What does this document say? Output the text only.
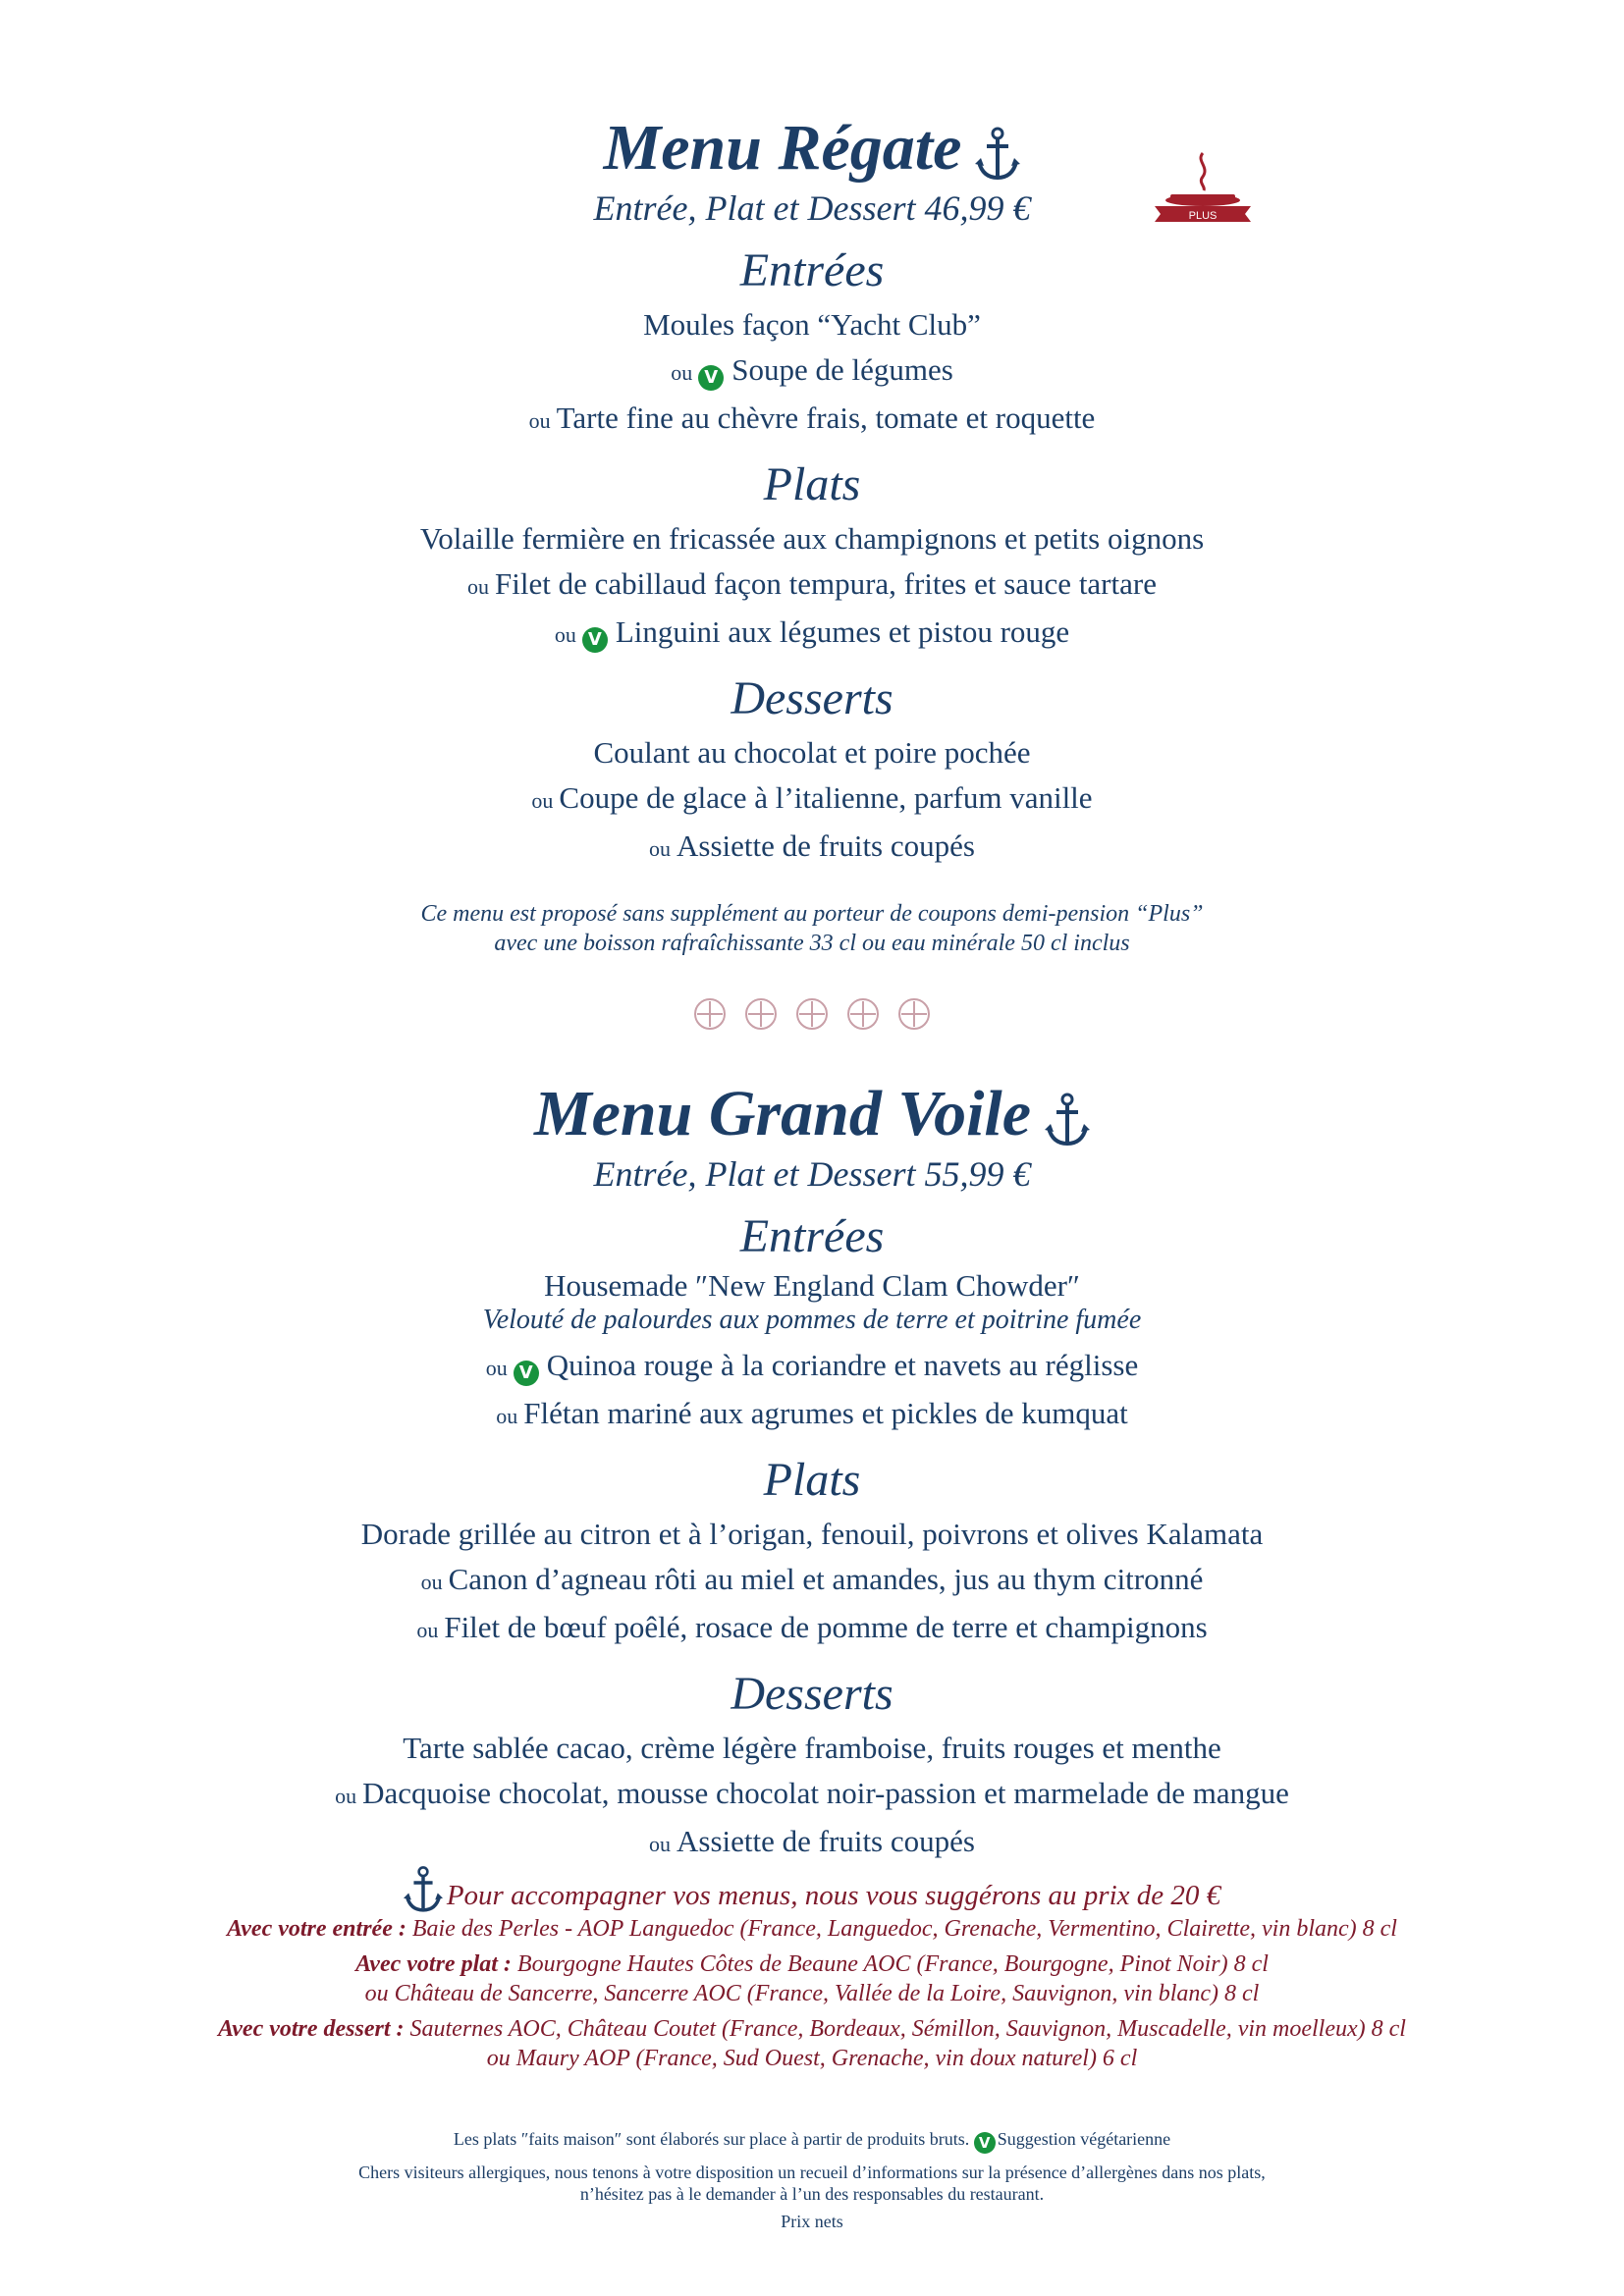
PLUS
Menu Régate

Entrée, Plat et Dessert 46,99 €

Entrées
Moules façon “Yacht Club”
ou V Soupe de légumes
ou Tarte fine au chèvre frais, tomate et roquette
Plats
Volaille fermière en fricassée aux champignons et petits oignons
ou Filet de cabillaud façon tempura, frites et sauce tartare
ou V Linguini aux légumes et pistou rouge
Desserts
Coulant au chocolat et poire pochée
ou Coupe de glace à l’italienne, parfum vanille
ou Assiette de fruits coupés
Ce menu est proposé sans supplément au porteur de coupons demi-pension “Plus”
avec une boisson rafraîchissante 33 cl ou eau minérale 50 cl inclus
Menu Grand Voile

Entrée, Plat et Dessert 55,99 €

Entrées
Housemade ″New England Clam Chowder″
Velouté de palourdes aux pommes de terre et poitrine fumée
ou V Quinoa rouge à la coriandre et navets au réglisse
ou Flétan mariné aux agrumes et pickles de kumquat
Plats
Dorade grillée au citron et à l’origan, fenouil, poivrons et olives Kalamata
ou Canon d’agneau rôti au miel et amandes, jus au thym citronné
ou Filet de bœuf poêlé, rosace de pomme de terre et champignons
Desserts
Tarte sablée cacao, crème légère framboise, fruits rouges et menthe
ou Dacquoise chocolat, mousse chocolat noir-passion et marmelade de mangue
ou Assiette de fruits coupés
Pour accompagner vos menus, nous vous suggérons au prix de 20 €
Avec votre entrée : Baie des Perles - AOP Languedoc (France, Languedoc, Grenache, Vermentino, Clairette, vin blanc) 8 cl
Avec votre plat : Bourgogne Hautes Côtes de Beaune AOC (France, Bourgogne, Pinot Noir) 8 cl
ou Château de Sancerre, Sancerre AOC (France, Vallée de la Loire, Sauvignon, vin blanc) 8 cl
Avec votre dessert : Sauternes AOC, Château Coutet (France, Bordeaux, Sémillon, Sauvignon, Muscadelle, vin moelleux) 8 cl
ou Maury AOP (France, Sud Ouest, Grenache, vin doux naturel) 6 cl
Les plats ″faits maison″ sont élaborés sur place à partir de produits bruts. V Suggestion végétarienne
Chers visiteurs allergiques, nous tenons à votre disposition un recueil d’informations sur la présence d’allergènes dans nos plats,
n’hésitez pas à le demander à l’un des responsables du restaurant.
Prix nets
